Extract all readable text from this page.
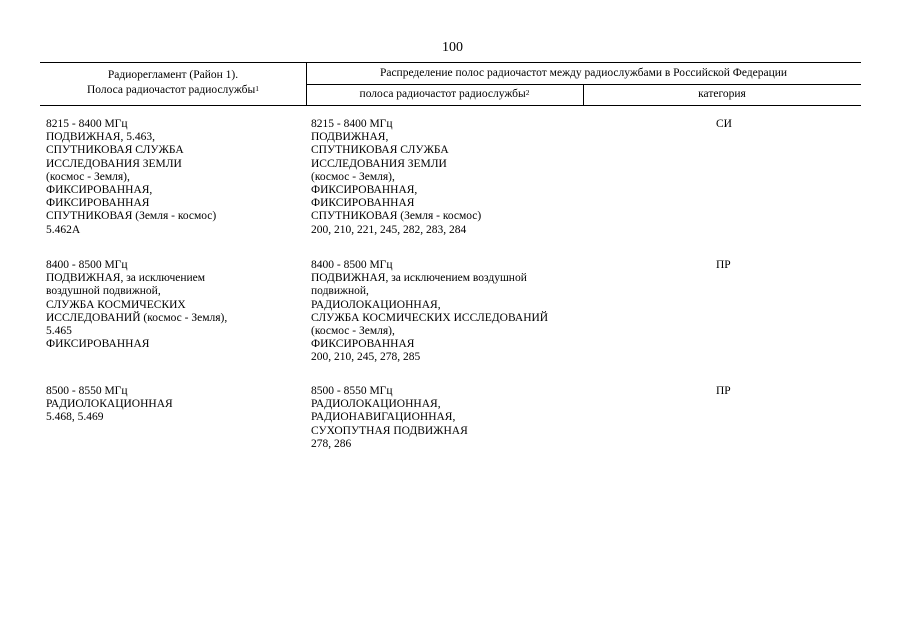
100
Радиорегламент (Район 1).
Полоса радиочастот радиослужбы$^1$
Распределение полос радиочастот между радиослужбами в Российской Федерации
полоса радиочастот радиослужбы$^2$	категория
8215 - 8400 МГц
ПОДВИЖНАЯ, 5.463,
СПУТНИКОВАЯ СЛУЖБА
ИССЛЕДОВАНИЯ ЗЕМЛИ
(космос - Земля),
ФИКСИРОВАННАЯ,
ФИКСИРОВАННАЯ
СПУТНИКОВАЯ (Земля - космос)
5.462A
8215 - 8400 МГц
ПОДВИЖНАЯ,
СПУТНИКОВАЯ СЛУЖБА
ИССЛЕДОВАНИЯ ЗЕМЛИ
(космос - Земля),
ФИКСИРОВАННАЯ,
ФИКСИРОВАННАЯ
СПУТНИКОВАЯ (Земля - космос)
200, 210, 221, 245, 282, 283, 284
СИ
8400 - 8500 МГц
ПОДВИЖНАЯ, за исключением
воздушной подвижной,
СЛУЖБА КОСМИЧЕСКИХ
ИССЛЕДОВАНИЙ (космос - Земля),
5.465
ФИКСИРОВАННАЯ
8400 - 8500 МГц
ПОДВИЖНАЯ, за исключением воздушной
подвижной,
РАДИОЛОКАЦИОННАЯ,
СЛУЖБА КОСМИЧЕСКИХ ИССЛЕДОВАНИЙ
(космос - Земля),
ФИКСИРОВАННАЯ
200, 210, 245, 278, 285
ПР
8500 - 8550 МГц
РАДИОЛОКАЦИОННАЯ
5.468, 5.469
8500 - 8550 МГц
РАДИОЛОКАЦИОННАЯ,
РАДИОНАВИГАЦИОННАЯ,
СУХОПУТНАЯ ПОДВИЖНАЯ
278, 286
ПР
